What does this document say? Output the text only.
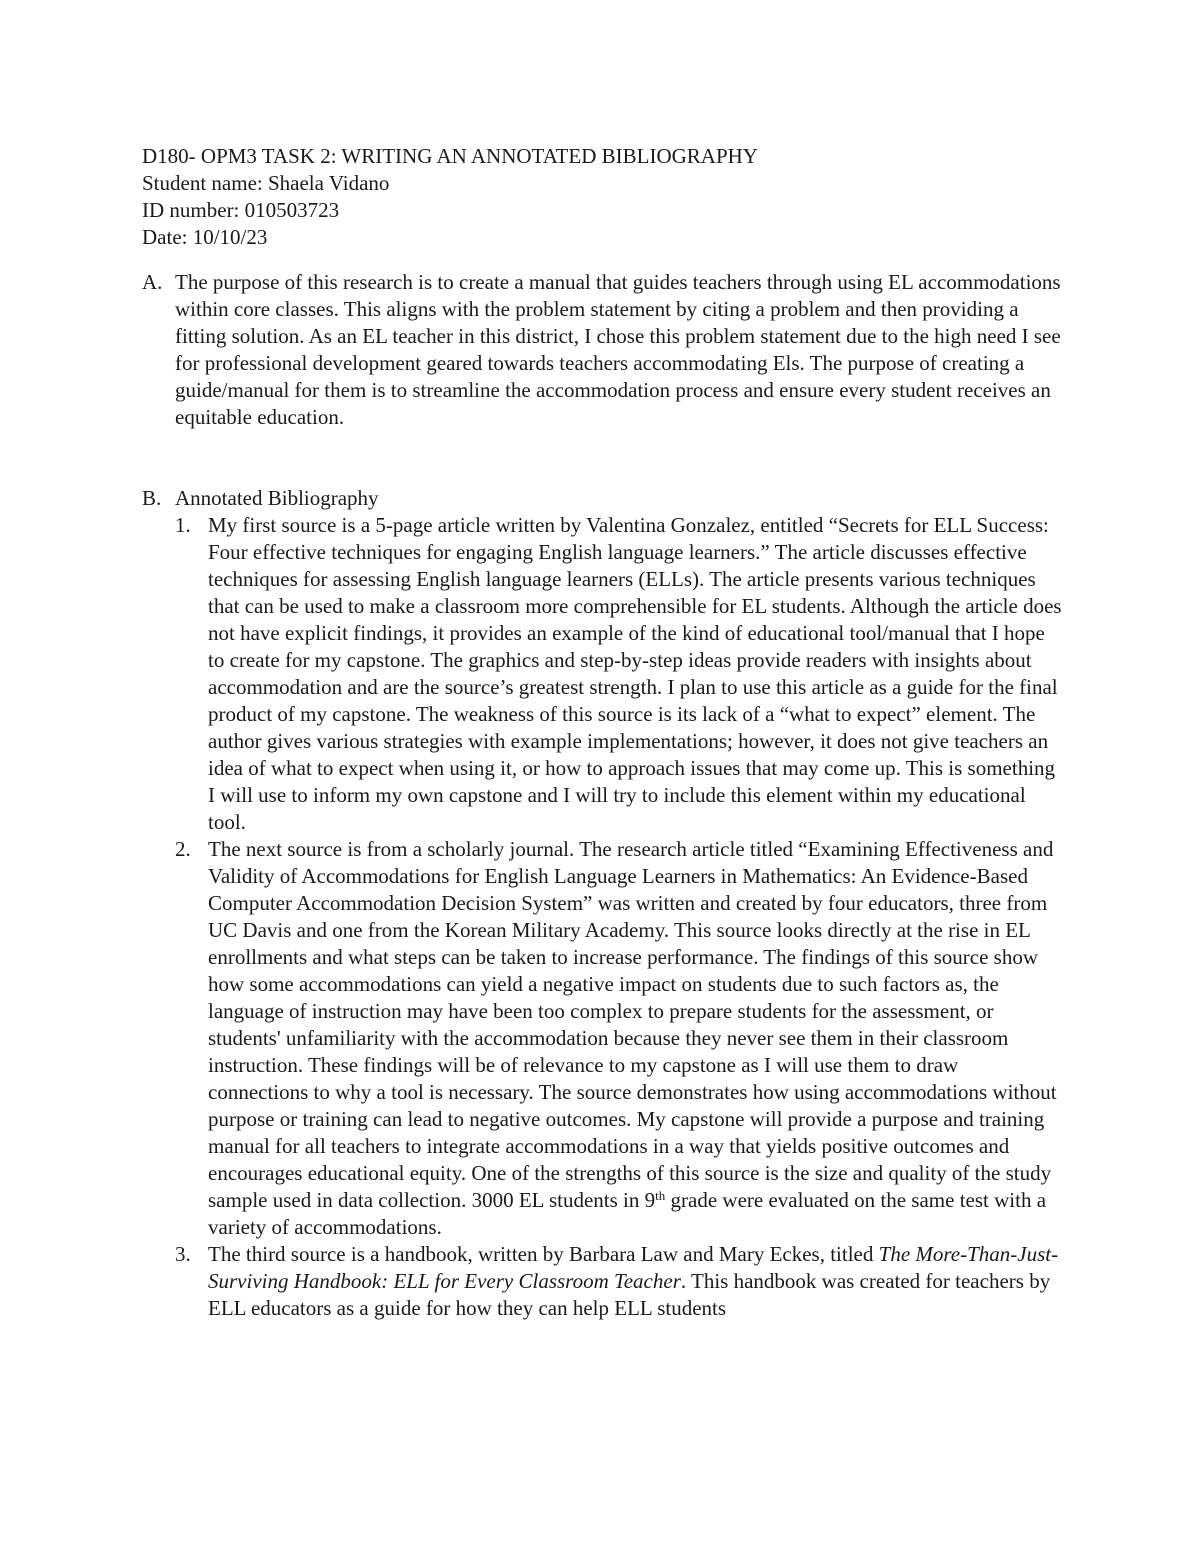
D180- OPM3 TASK 2: WRITING AN ANNOTATED BIBLIOGRAPHY
Student name: Shaela Vidano
ID number: 010503723
Date: 10/10/23
A. The purpose of this research is to create a manual that guides teachers through using EL accommodations within core classes. This aligns with the problem statement by citing a problem and then providing a fitting solution. As an EL teacher in this district, I chose this problem statement due to the high need I see for professional development geared towards teachers accommodating Els. The purpose of creating a guide/manual for them is to streamline the accommodation process and ensure every student receives an equitable education.
B. Annotated Bibliography
1. My first source is a 5-page article written by Valentina Gonzalez, entitled “Secrets for ELL Success: Four effective techniques for engaging English language learners.” The article discusses effective techniques for assessing English language learners (ELLs). The article presents various techniques that can be used to make a classroom more comprehensible for EL students. Although the article does not have explicit findings, it provides an example of the kind of educational tool/manual that I hope to create for my capstone. The graphics and step-by-step ideas provide readers with insights about accommodation and are the source’s greatest strength. I plan to use this article as a guide for the final product of my capstone. The weakness of this source is its lack of a “what to expect” element. The author gives various strategies with example implementations; however, it does not give teachers an idea of what to expect when using it, or how to approach issues that may come up. This is something I will use to inform my own capstone and I will try to include this element within my educational tool.
2. The next source is from a scholarly journal. The research article titled “Examining Effectiveness and Validity of Accommodations for English Language Learners in Mathematics: An Evidence-Based Computer Accommodation Decision System” was written and created by four educators, three from UC Davis and one from the Korean Military Academy. This source looks directly at the rise in EL enrollments and what steps can be taken to increase performance. The findings of this source show how some accommodations can yield a negative impact on students due to such factors as, the language of instruction may have been too complex to prepare students for the assessment, or students' unfamiliarity with the accommodation because they never see them in their classroom instruction. These findings will be of relevance to my capstone as I will use them to draw connections to why a tool is necessary. The source demonstrates how using accommodations without purpose or training can lead to negative outcomes. My capstone will provide a purpose and training manual for all teachers to integrate accommodations in a way that yields positive outcomes and encourages educational equity. One of the strengths of this source is the size and quality of the study sample used in data collection. 3000 EL students in 9th grade were evaluated on the same test with a variety of accommodations.
3. The third source is a handbook, written by Barbara Law and Mary Eckes, titled The More-Than-Just-Surviving Handbook: ELL for Every Classroom Teacher. This handbook was created for teachers by ELL educators as a guide for how they can help ELL students
